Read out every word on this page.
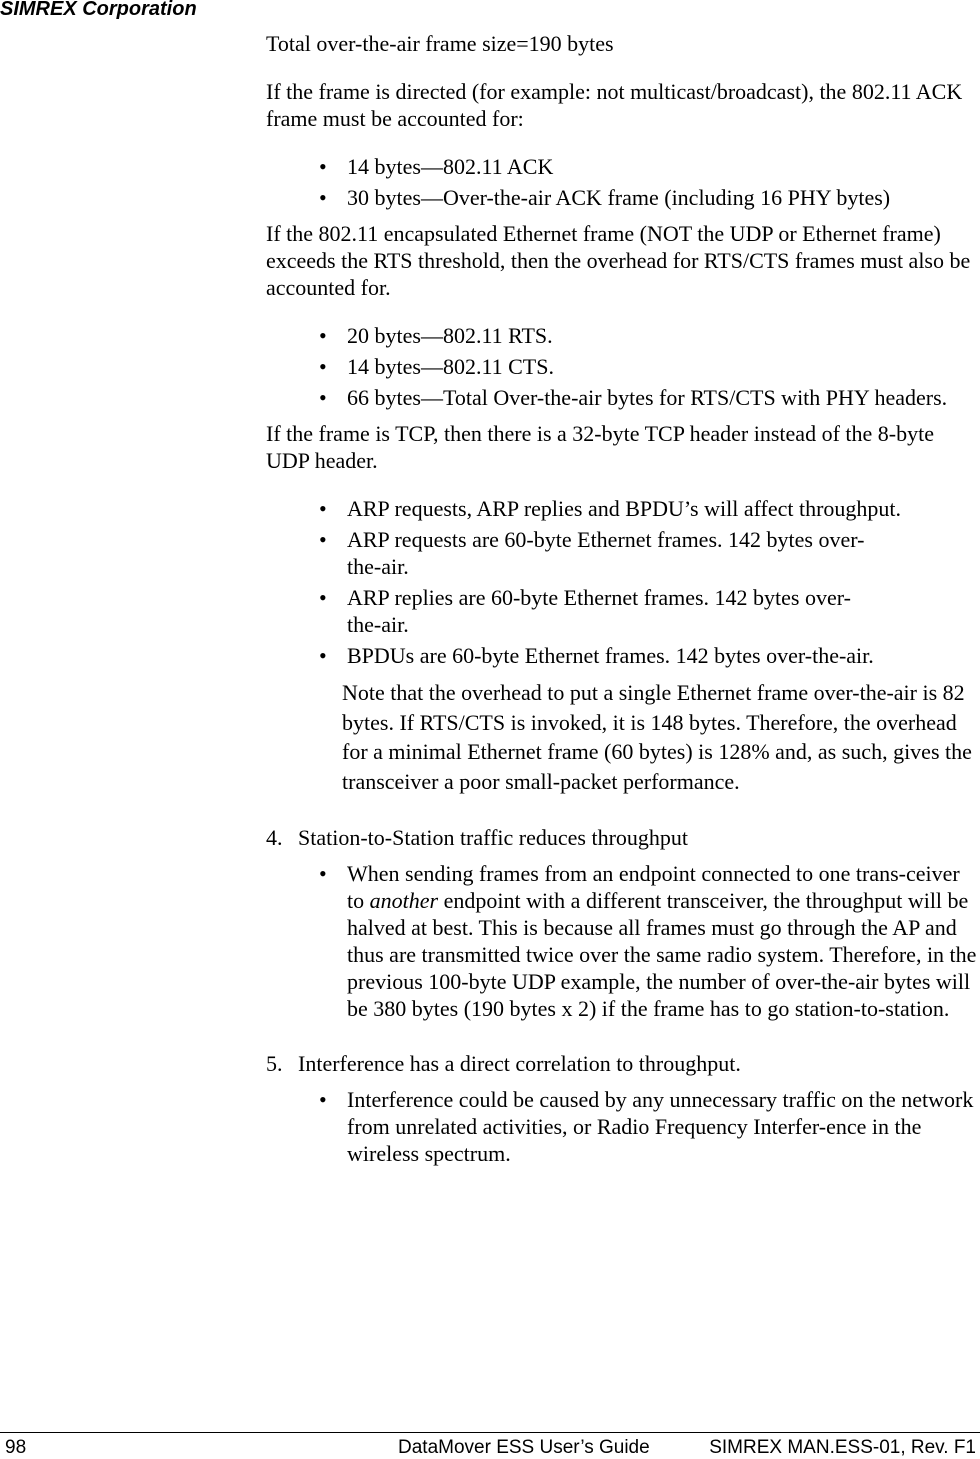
SIMREX Corporation

Total over-the-air frame size=190 bytes

If the frame is directed (for example: not multicast/broadcast), the 802.11 ACK frame must be accounted for:

• 14 bytes—802.11 ACK
• 30 bytes—Over-the-air ACK frame (including 16 PHY bytes)

If the 802.11 encapsulated Ethernet frame (NOT the UDP or Ethernet frame) exceeds the RTS threshold, then the overhead for RTS/CTS frames must also be accounted for.

• 20 bytes—802.11 RTS.
• 14 bytes—802.11 CTS.
• 66 bytes—Total Over-the-air bytes for RTS/CTS with PHY headers.

If the frame is TCP, then there is a 32-byte TCP header instead of the 8-byte UDP header.

• ARP requests, ARP replies and BPDU’s will affect throughput.
• ARP requests are 60-byte Ethernet frames. 142 bytes over-the-air.
• ARP replies are 60-byte Ethernet frames. 142 bytes over-the-air.
• BPDUs are 60-byte Ethernet frames. 142 bytes over-the-air.

Note that the overhead to put a single Ethernet frame over-the-air is 82 bytes. If RTS/CTS is invoked, it is 148 bytes. Therefore, the overhead for a minimal Ethernet frame (60 bytes) is 128% and, as such, gives the transceiver a poor small-packet performance.

4. Station-to-Station traffic reduces throughput

• When sending frames from an endpoint connected to one trans-ceiver to another endpoint with a different transceiver, the throughput will be halved at best. This is because all frames must go through the AP and thus are transmitted twice over the same radio system. Therefore, in the previous 100-byte UDP example, the number of over-the-air bytes will be 380 bytes (190 bytes x 2) if the frame has to go station-to-station.

5. Interference has a direct correlation to throughput.

• Interference could be caused by any unnecessary traffic on the network from unrelated activities, or Radio Frequency Interfer-ence in the wireless spectrum.
98	DataMover ESS User’s Guide	SIMREX MAN.ESS-01, Rev. F1
